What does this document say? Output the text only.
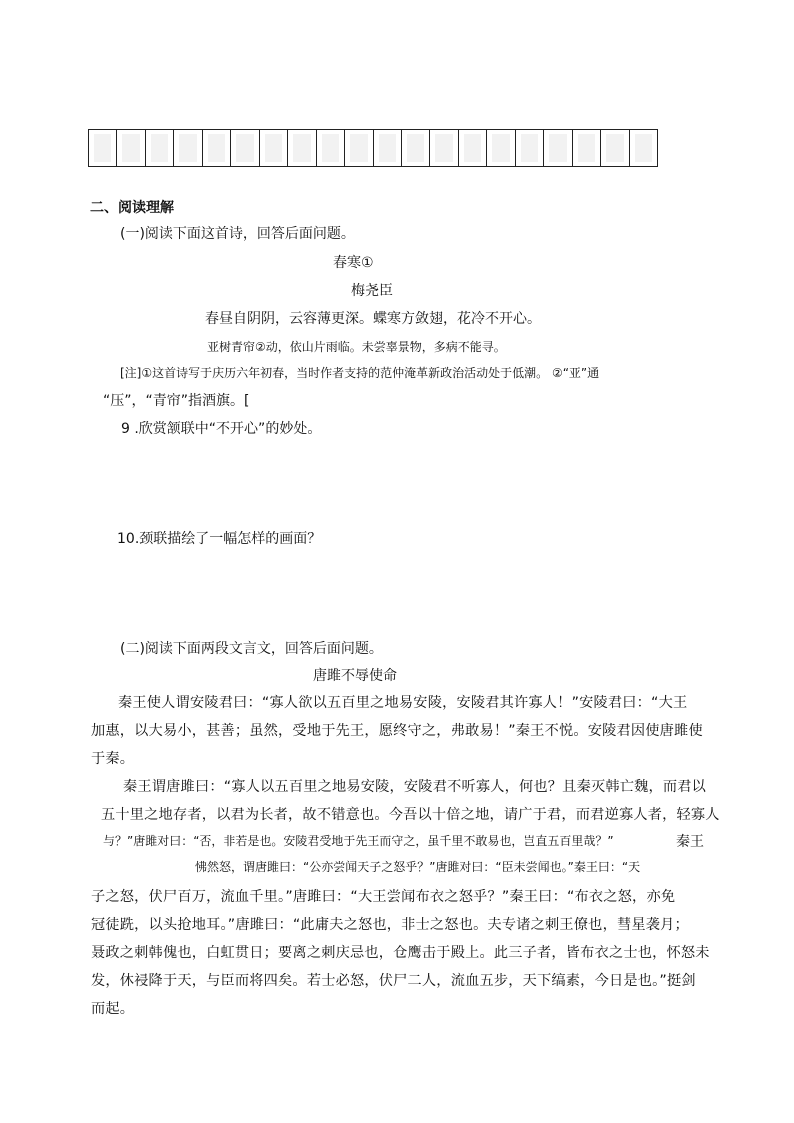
二、阅读理解
(一)阅读下面这首诗，回答后面问题。
春寒①
梅尧臣
春昼自阴阴，云容薄更深。蝶寒方敛翅，花冷不开心。
亚树青帘②动，依山片雨临。未尝辜景物，多病不能寻。
[注]①这首诗写于庆历六年初春，当时作者支持的范仲淹革新政治活动处于低潮。 ②“亚”通
“压”，“青帘”指酒旗。[
9 .欣赏颔联中“不开心”的妙处。
10.颈联描绘了一幅怎样的画面？
(二)阅读下面两段文言文，回答后面问题。
唐雎不辱使命
秦王使人谓安陵君曰：“寡人欲以五百里之地易安陵，安陵君其许寡人！”安陵君曰：“大王
加惠，以大易小，甚善；虽然，受地于先王，愿终守之，弗敢易！”秦王不悦。安陵君因使唐雎使
于秦。
秦王谓唐雎曰：“寡人以五百里之地易安陵，安陵君不听寡人，何也？且秦灭韩亡魏，而君以
五十里之地存者，以君为长者，故不错意也。今吾以十倍之地，请广于君，而君逆寡人者，轻寡人
与？”唐雎对曰：“否，非若是也。安陵君受地于先王而守之，虽千里不敢易也，岂直五百里哉？”	秦王
怫然怒，谓唐雎曰：“公亦尝闻天子之怒乎？”唐雎对曰：“臣未尝闻也。”秦王曰：“天
子之怒，伏尸百万，流血千里。”唐雎曰：“大王尝闻布衣之怒乎？”秦王曰：“布衣之怒，亦免
冠徒跣，以头抢地耳。”唐雎曰：“此庸夫之怒也，非士之怒也。夫专诸之刺王僚也，彗星袭月；
聂政之刺韩傀也，白虹贯日；要离之刺庆忌也，仓鹰击于殿上。此三子者，皆布衣之士也，怀怒未
发，休祲降于天，与臣而将四矣。若士必怒，伏尸二人，流血五步，天下缟素，今日是也。”挺剑
而起。
